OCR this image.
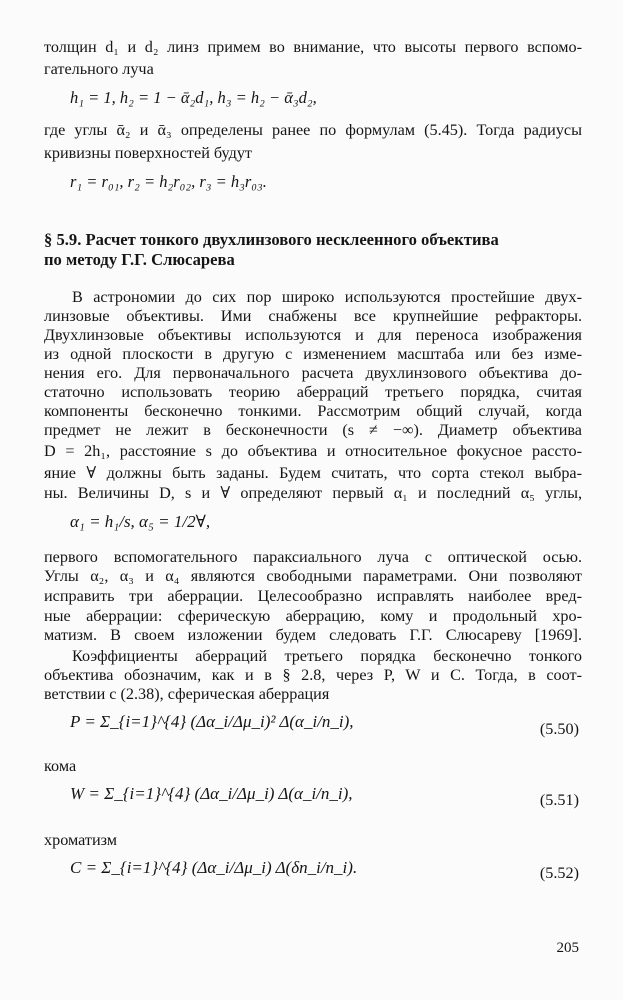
толщин d₁ и d₂ линз примем во внимание, что высоты первого вспомо-
гательного луча
h₁ = 1, h₂ = 1 − ᾱ₂d₁, h₃ = h₂ − ᾱ₃d₂,
где углы ᾱ₂ и ᾱ₃ определены ранее по формулам (5.45). Тогда радиусы
кривизны поверхностей будут
r₁ = r₀₁, r₂ = h₂r₀₂, r₃ = h₃r₀₃.
§ 5.9. Расчет тонкого двухлинзового несклеенного объектива
по методу Г.Г. Слюсарева
В астрономии до сих пор широко используются простейшие двух-
линзовые объективы. Ими снабжены все крупнейшие рефракторы.
Двухлинзовые объективы используются и для переноса изображения
из одной плоскости в другую с изменением масштаба или без изме-
нения его. Для первоначального расчета двухлинзового объектива до-
статочно использовать теорию аберраций третьего порядка, считая
компоненты бесконечно тонкими. Рассмотрим общий случай, когда
предмет не лежит в бесконечности (s ≠ −∞). Диаметр объектива
D = 2h₁, расстояние s до объектива и относительное фокусное рассто-
яние ∀ должны быть заданы. Будем считать, что сорта стекол выбра-
ны. Величины D, s и ∀ определяют первый α₁ и последний α₅ углы,
α₁ = h₁/s, α₅ = 1/2∀,
первого вспомогательного параксиального луча с оптической осью.
Углы α₂, α₃ и α₄ являются свободными параметрами. Они позволяют
исправить три аберрации. Целесообразно исправлять наиболее вред-
ные аберрации: сферическую аберрацию, кому и продольный хро-
матизм. В своем изложении будем следовать Г.Г. Слюсареву [1969].
Коэффициенты аберраций третьего порядка бесконечно тонкого
объектива обозначим, как и в § 2.8, через P, W и C. Тогда, в соот-
ветствии с (2.38), сферическая аберрация
P = Σ_{i=1}^{4} (Δα_i/Δμ_i)² Δ(α_i/n_i),	(5.50)
кома
W = Σ_{i=1}^{4} (Δα_i/Δμ_i) Δ(α_i/n_i),	(5.51)
хроматизм
C = Σ_{i=1}^{4} (Δα_i/Δμ_i) Δ(δn_i/n_i).	(5.52)
205
